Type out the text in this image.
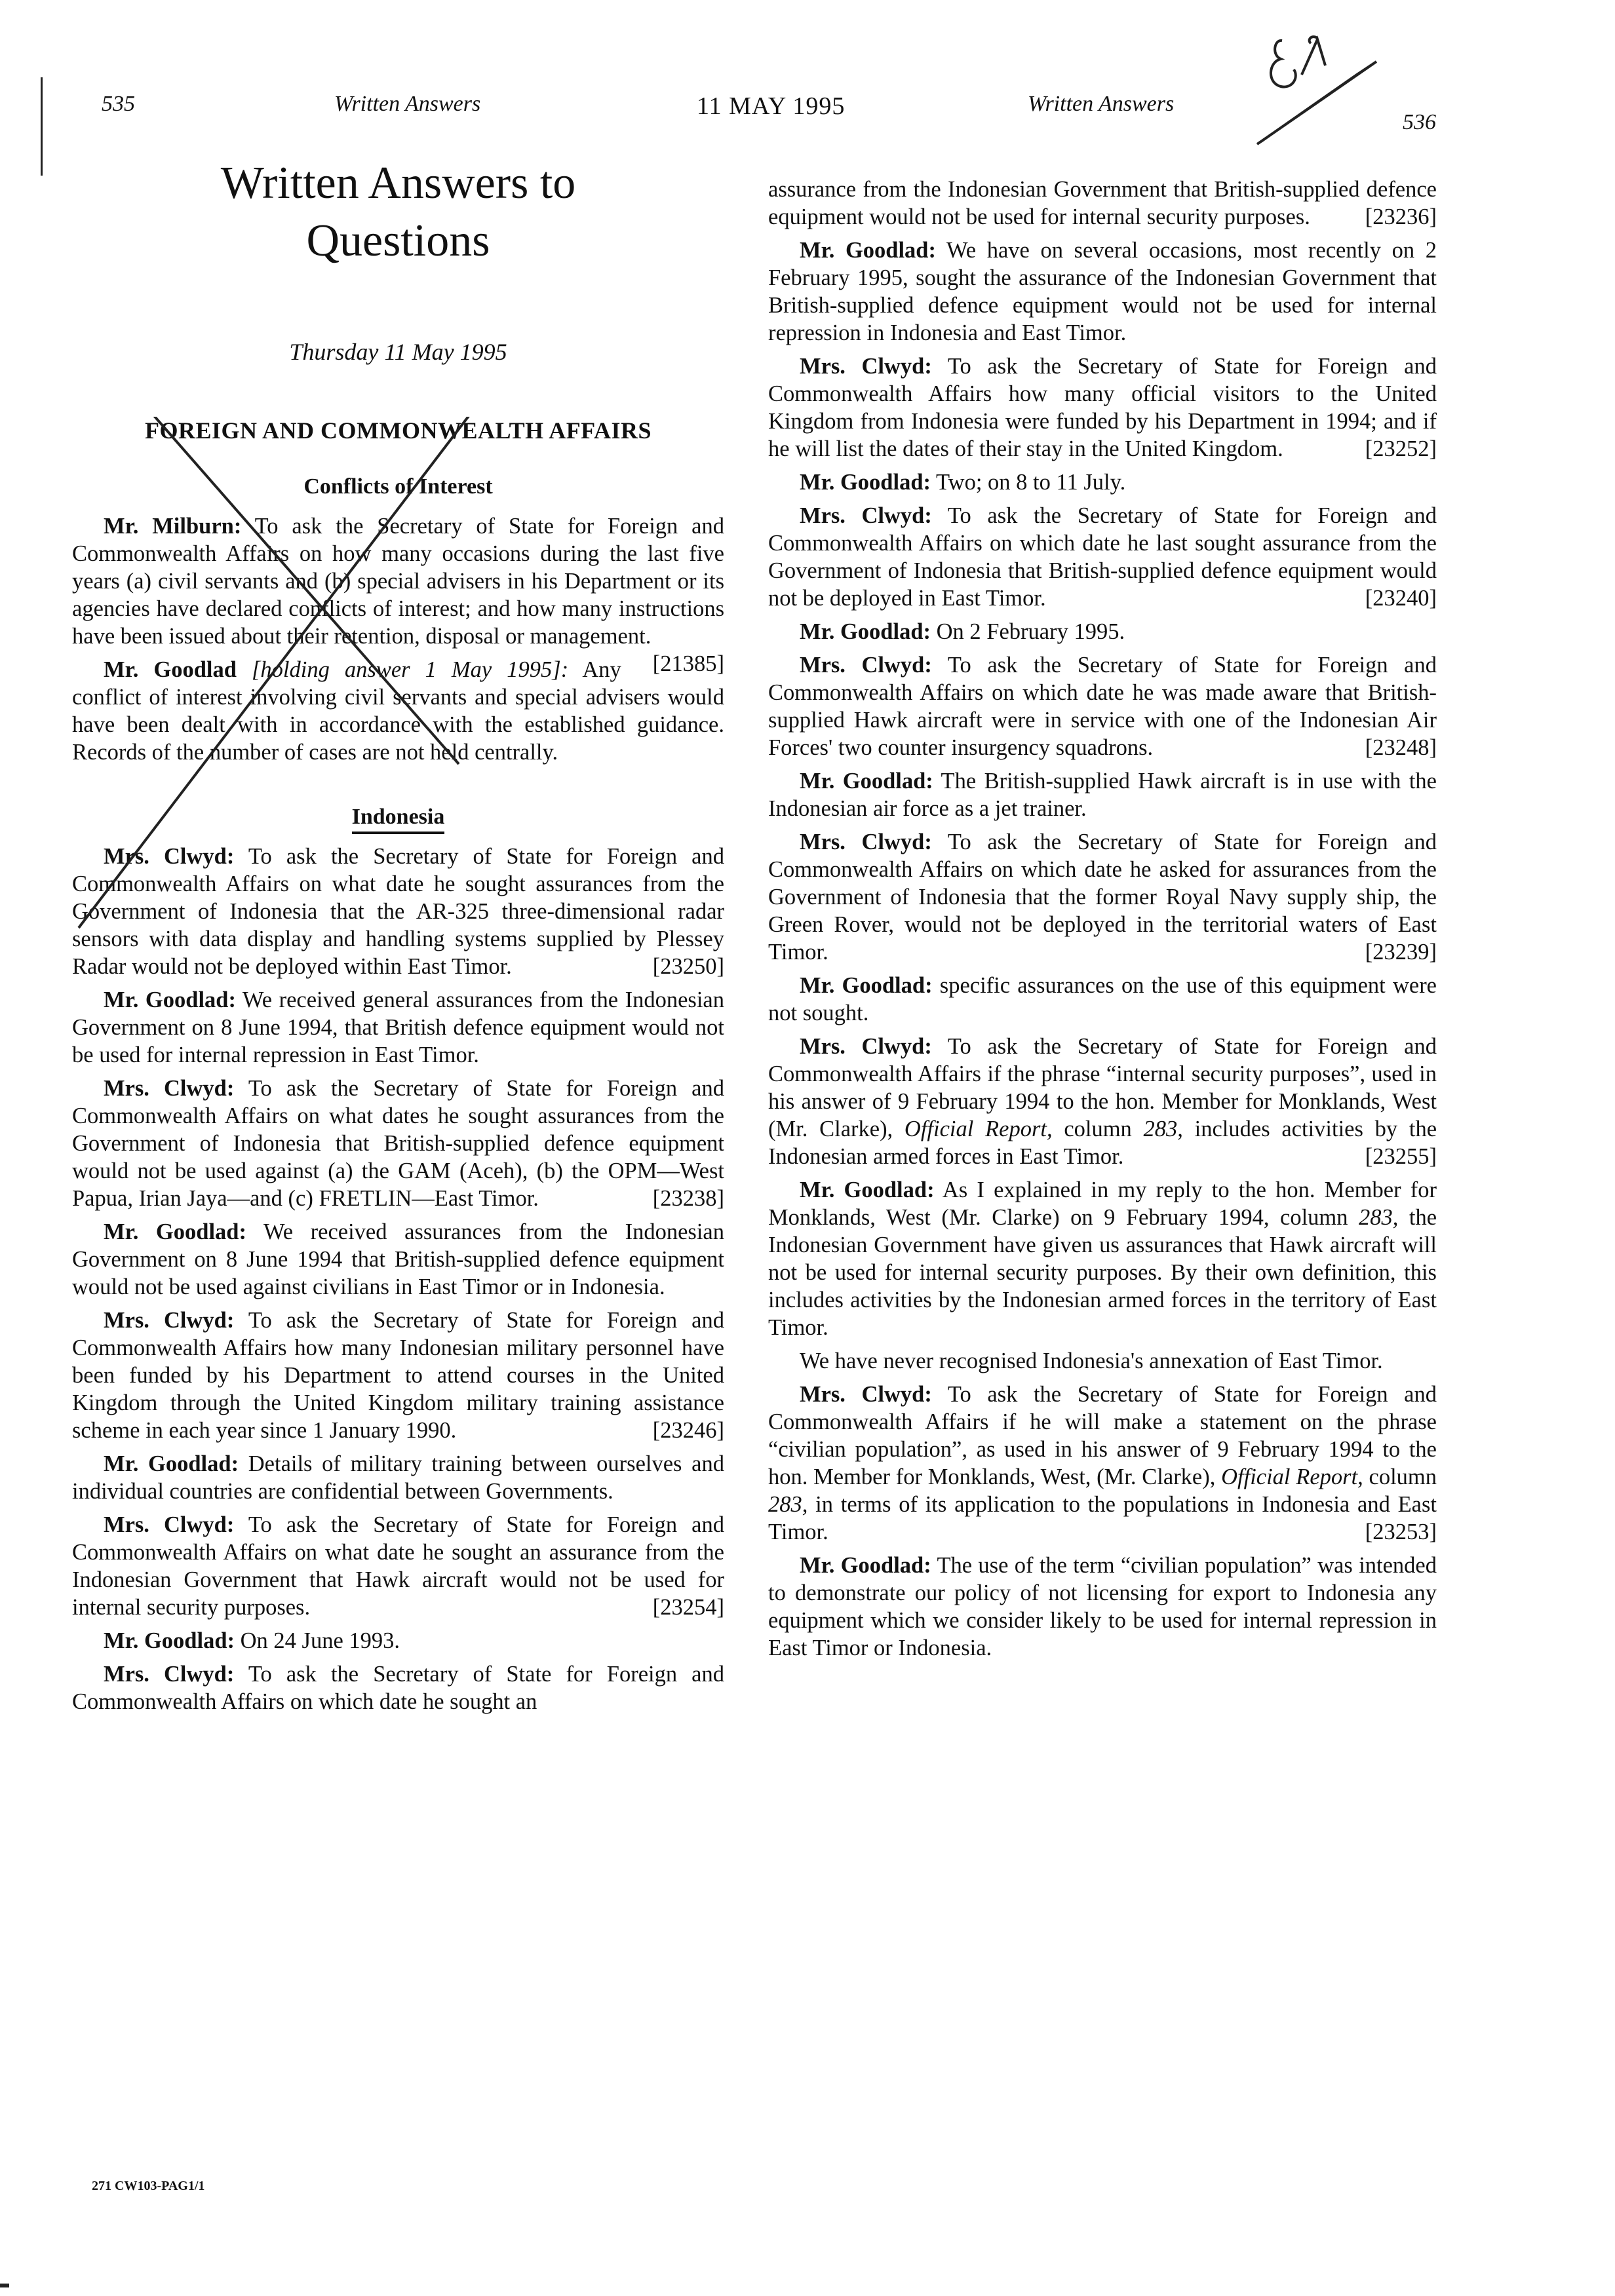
535	Written Answers	11 MAY 1995	Written Answers
536
Written Answers to
Questions
Thursday 11 May 1995
FOREIGN AND COMMONWEALTH AFFAIRS
Conflicts of Interest

Mr. Milburn: To ask the Secretary of State for Foreign and Commonwealth Affairs on how many occasions during the last five years (a) civil servants and (b) special advisers in his Department or its agencies have declared conflicts of interest; and how many instructions have been issued about their retention, disposal or management.
[21385]

Mr. Goodlad [holding answer 1 May 1995]: Any conflict of interest involving civil servants and special advisers would have been dealt with in accordance with the established guidance. Records of the number of cases are not held centrally.

Indonesia

Mrs. Clwyd: To ask the Secretary of State for Foreign and Commonwealth Affairs on what date he sought assurances from the Government of Indonesia that the AR-325 three-dimensional radar sensors with data display and handling systems supplied by Plessey Radar would not be deployed within East Timor.	[23250]

Mr. Goodlad: We received general assurances from the Indonesian Government on 8 June 1994, that British defence equipment would not be used for internal repression in East Timor.

Mrs. Clwyd: To ask the Secretary of State for Foreign and Commonwealth Affairs on what dates he sought assurances from the Government of Indonesia that British-supplied defence equipment would not be used against (a) the GAM (Aceh), (b) the OPM—West Papua, Irian Jaya—and (c) FRETLIN—East Timor.	[23238]

Mr. Goodlad: We received assurances from the Indonesian Government on 8 June 1994 that British-supplied defence equipment would not be used against civilians in East Timor or in Indonesia.

Mrs. Clwyd: To ask the Secretary of State for Foreign and Commonwealth Affairs how many Indonesian military personnel have been funded by his Department to attend courses in the United Kingdom through the United Kingdom military training assistance scheme in each year since 1 January 1990.	[23246]

Mr. Goodlad: Details of military training between ourselves and individual countries are confidential between Governments.

Mrs. Clwyd: To ask the Secretary of State for Foreign and Commonwealth Affairs on what date he sought an assurance from the Indonesian Government that Hawk aircraft would not be used for internal security purposes.	[23254]

Mr. Goodlad: On 24 June 1993.

Mrs. Clwyd: To ask the Secretary of State for Foreign and Commonwealth Affairs on which date he sought an

assurance from the Indonesian Government that British-supplied defence equipment would not be used for internal security purposes. [23236]

Mr. Goodlad: We have on several occasions, most recently on 2 February 1995, sought the assurance of the Indonesian Government that British-supplied defence equipment would not be used for internal repression in Indonesia and East Timor.

Mrs. Clwyd: To ask the Secretary of State for Foreign and Commonwealth Affairs how many official visitors to the United Kingdom from Indonesia were funded by his Department in 1994; and if he will list the dates of their stay in the United Kingdom.	[23252]

Mr. Goodlad: Two; on 8 to 11 July.

Mrs. Clwyd: To ask the Secretary of State for Foreign and Commonwealth Affairs on which date he last sought assurance from the Government of Indonesia that British-supplied defence equipment would not be deployed in East Timor.	[23240]

Mr. Goodlad: On 2 February 1995.

Mrs. Clwyd: To ask the Secretary of State for Foreign and Commonwealth Affairs on which date he was made aware that British-supplied Hawk aircraft were in service with one of the Indonesian Air Forces' two counter insurgency squadrons.	[23248]

Mr. Goodlad: The British-supplied Hawk aircraft is in use with the Indonesian air force as a jet trainer.

Mrs. Clwyd: To ask the Secretary of State for Foreign and Commonwealth Affairs on which date he asked for assurances from the Government of Indonesia that the former Royal Navy supply ship, the Green Rover, would not be deployed in the territorial waters of East Timor.	[23239]

Mr. Goodlad: specific assurances on the use of this equipment were not sought.

Mrs. Clwyd: To ask the Secretary of State for Foreign and Commonwealth Affairs if the phrase “internal security purposes”, used in his answer of 9 February 1994 to the hon. Member for Monklands, West (Mr. Clarke), Official Report, column 283, includes activities by the Indonesian armed forces in East Timor.	[23255]

Mr. Goodlad: As I explained in my reply to the hon. Member for Monklands, West (Mr. Clarke) on 9 February 1994, column 283, the Indonesian Government have given us assurances that Hawk aircraft will not be used for internal security purposes. By their own definition, this includes activities by the Indonesian armed forces in the territory of East Timor.

We have never recognised Indonesia's annexation of East Timor.

Mrs. Clwyd: To ask the Secretary of State for Foreign and Commonwealth Affairs if he will make a statement on the phrase “civilian population”, as used in his answer of 9 February 1994 to the hon. Member for Monklands, West, (Mr. Clarke), Official Report, column 283, in terms of its application to the populations in Indonesia and East Timor.	[23253]

Mr. Goodlad: The use of the term “civilian population” was intended to demonstrate our policy of not licensing for export to Indonesia any equipment which we consider likely to be used for internal repression in East Timor or Indonesia.

271 CW103-PAG1/1
